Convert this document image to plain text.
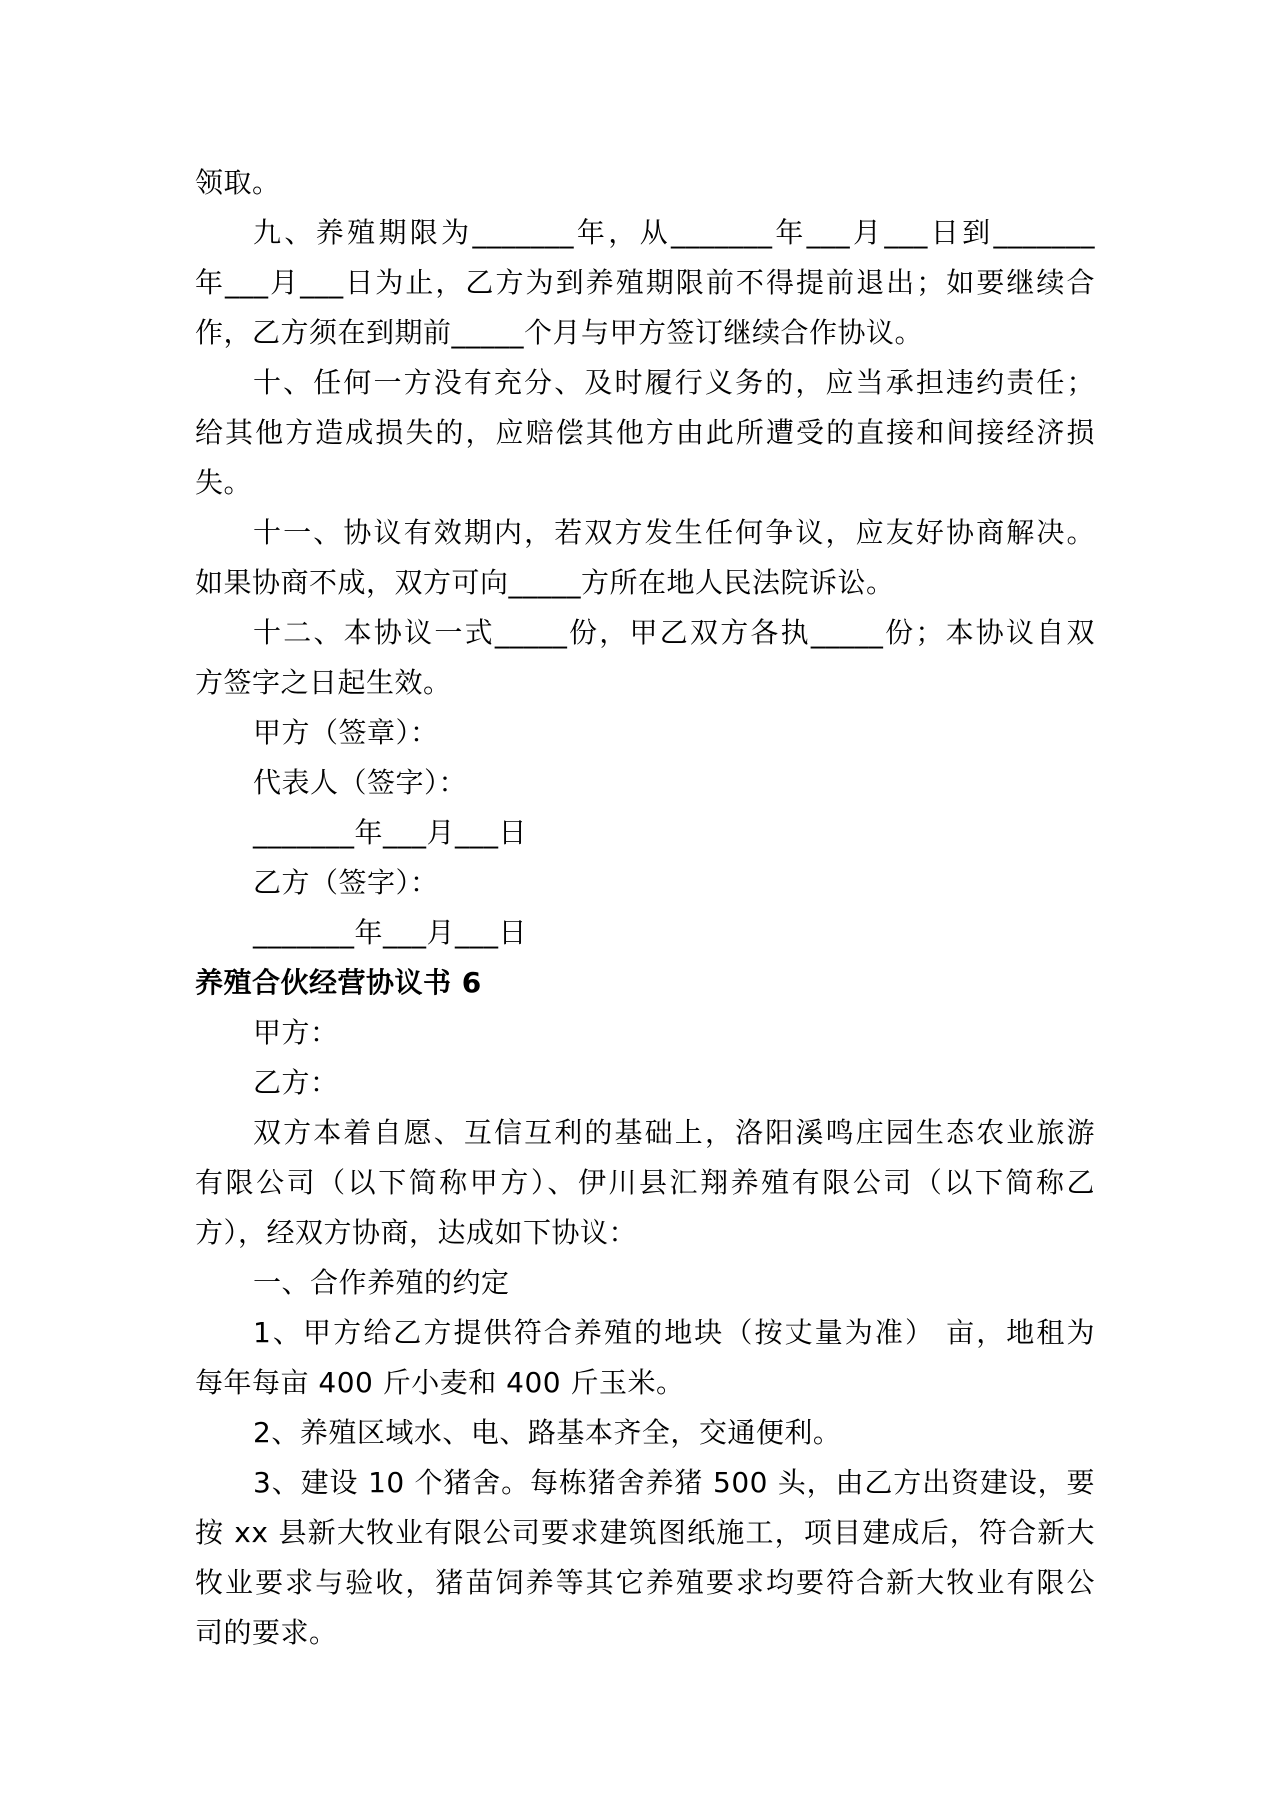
领取。
九、养殖期限为_______年，从_______年___月___日到_______
年___月___日为止，乙方为到养殖期限前不得提前退出；如要继续合
作，乙方须在到期前_____个月与甲方签订继续合作协议。
十、任何一方没有充分、及时履行义务的，应当承担违约责任；
给其他方造成损失的，应赔偿其他方由此所遭受的直接和间接经济损
失。
十一、协议有效期内，若双方发生任何争议，应友好协商解决。
如果协商不成，双方可向_____方所在地人民法院诉讼。
十二、本协议一式_____份，甲乙双方各执_____份；本协议自双
方签字之日起生效。
甲方（签章）：
代表人（签字）：
_______年___月___日
乙方（签字）：
_______年___月___日
养殖合伙经营协议书 6
甲方：
乙方：
双方本着自愿、互信互利的基础上，洛阳溪鸣庄园生态农业旅游
有限公司（以下简称甲方）、伊川县汇翔养殖有限公司（以下简称乙
方），经双方协商，达成如下协议：
一、合作养殖的约定
1、甲方给乙方提供符合养殖的地块（按丈量为准） 亩，地租为
每年每亩 400 斤小麦和 400 斤玉米。
2、养殖区域水、电、路基本齐全，交通便利。
3、建设 10 个猪舍。每栋猪舍养猪 500 头，由乙方出资建设，要
按 xx 县新大牧业有限公司要求建筑图纸施工，项目建成后，符合新大
牧业要求与验收，猪苗饲养等其它养殖要求均要符合新大牧业有限公
司的要求。
